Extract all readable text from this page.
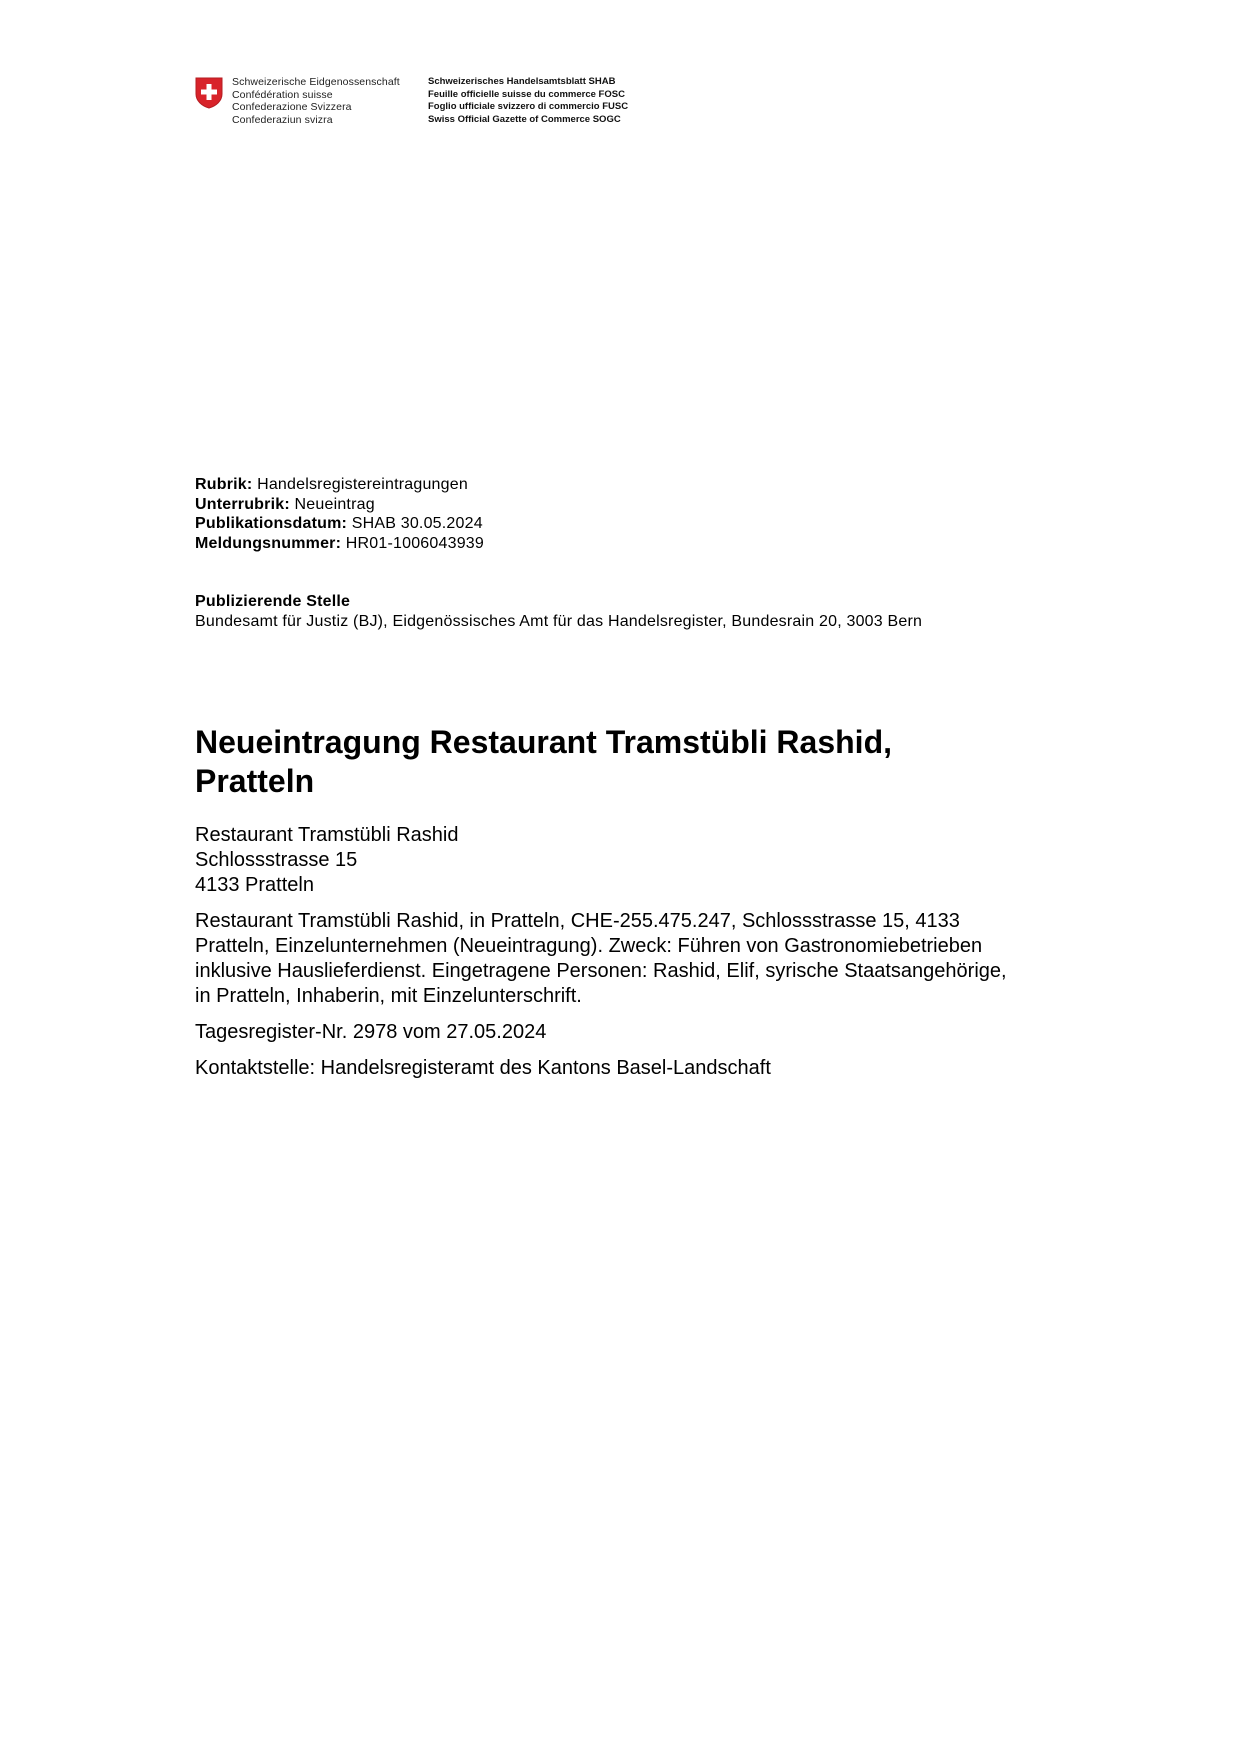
Schweizerische Eidgenossenschaft
Confédération suisse
Confederazione Svizzera
Confederaziun svizra
Schweizerisches Handelsamtsblatt SHAB
Feuille officielle suisse du commerce FOSC
Foglio ufficiale svizzero di commercio FUSC
Swiss Official Gazette of Commerce SOGC
Rubrik: Handelsregistereintragungen
Unterrubrik: Neueintrag
Publikationsdatum: SHAB 30.05.2024
Meldungsnummer: HR01-1006043939
Publizierende Stelle
Bundesamt für Justiz (BJ), Eidgenössisches Amt für das Handelsregister, Bundesrain 20, 3003 Bern
Neueintragung Restaurant Tramstübli Rashid, Pratteln
Restaurant Tramstübli Rashid
Schlossstrasse 15
4133 Pratteln

Restaurant Tramstübli Rashid, in Pratteln, CHE-255.475.247, Schlossstrasse 15, 4133 Pratteln, Einzelunternehmen (Neueintragung). Zweck: Führen von Gastronomiebetrieben inklusive Hauslieferdienst. Eingetragene Personen: Rashid, Elif, syrische Staatsangehörige, in Pratteln, Inhaberin, mit Einzelunterschrift.

Tagesregister-Nr. 2978 vom 27.05.2024

Kontaktstelle: Handelsregisteramt des Kantons Basel-Landschaft
